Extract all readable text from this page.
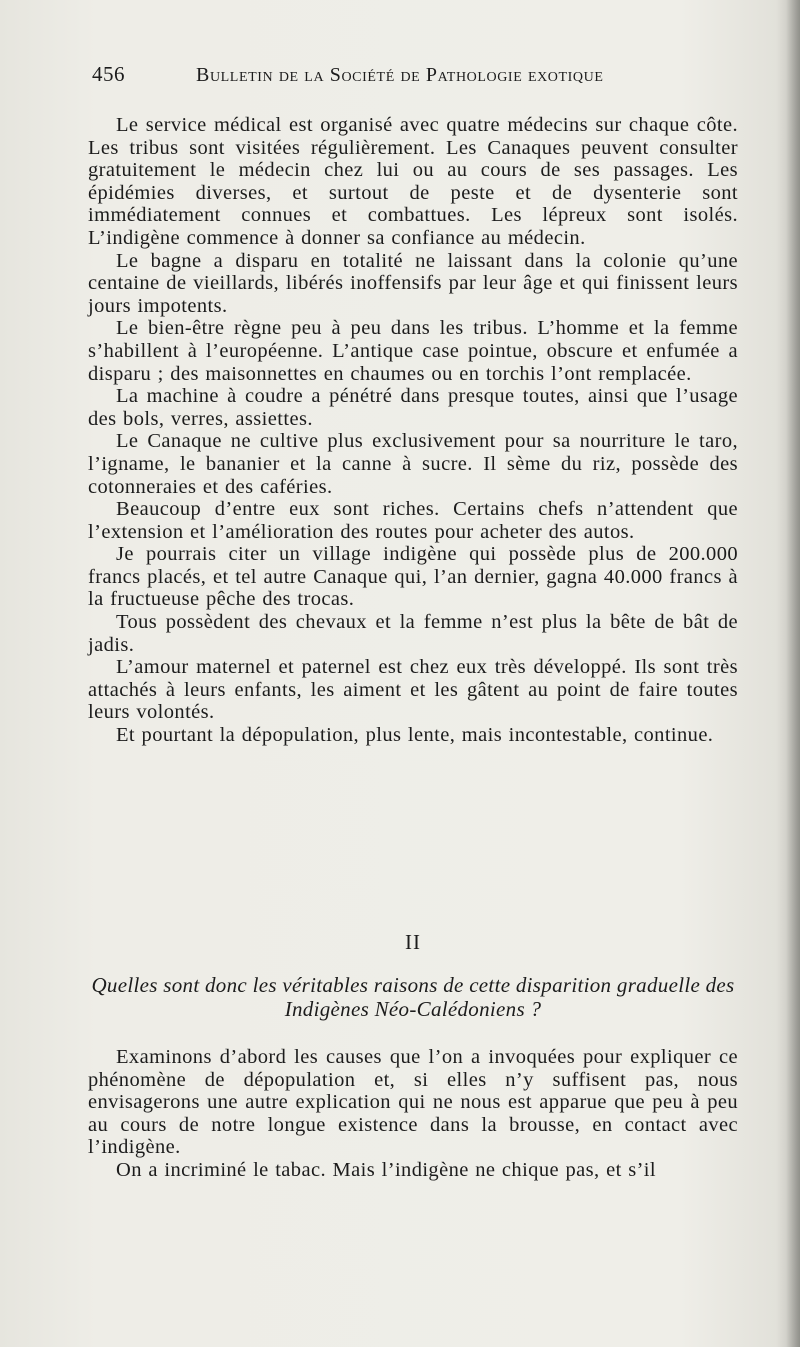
456	Bulletin de la Société de Pathologie exotique

Le service médical est organisé avec quatre médecins sur chaque côte. Les tribus sont visitées régulièrement. Les Canaques peuvent consulter gratuitement le médecin chez lui ou au cours de ses passages. Les épidémies diverses, et surtout de peste et de dysenterie sont immédiatement connues et combattues. Les lépreux sont isolés. L’indigène commence à donner sa confiance au médecin.

Le bagne a disparu en totalité ne laissant dans la colonie qu’une centaine de vieillards, libérés inoffensifs par leur âge et qui finissent leurs jours impotents.

Le bien-être règne peu à peu dans les tribus. L’homme et la femme s’habillent à l’européenne. L’antique case pointue, obscure et enfumée a disparu ; des maisonnettes en chaumes ou en torchis l’ont remplacée.

La machine à coudre a pénétré dans presque toutes, ainsi que l’usage des bols, verres, assiettes.

Le Canaque ne cultive plus exclusivement pour sa nourriture le taro, l’igname, le bananier et la canne à sucre. Il sème du riz, possède des cotonneraies et des caféries.

Beaucoup d’entre eux sont riches. Certains chefs n’attendent que l’extension et l’amélioration des routes pour acheter des autos.

Je pourrais citer un village indigène qui possède plus de 200.000 francs placés, et tel autre Canaque qui, l’an dernier, gagna 40.000 francs à la fructueuse pêche des trocas.

Tous possèdent des chevaux et la femme n’est plus la bête de bât de jadis.

L’amour maternel et paternel est chez eux très développé. Ils sont très attachés à leurs enfants, les aiment et les gâtent au point de faire toutes leurs volontés.

Et pourtant la dépopulation, plus lente, mais incontestable, continue.

II

Quelles sont donc les véritables raisons de cette disparition graduelle des Indigènes Néo-Calédoniens ?

Examinons d’abord les causes que l’on a invoquées pour expliquer ce phénomène de dépopulation et, si elles n’y suffisent pas, nous envisagerons une autre explication qui ne nous est apparue que peu à peu au cours de notre longue existence dans la brousse, en contact avec l’indigène.

On a incriminé le tabac. Mais l’indigène ne chique pas, et s’il
